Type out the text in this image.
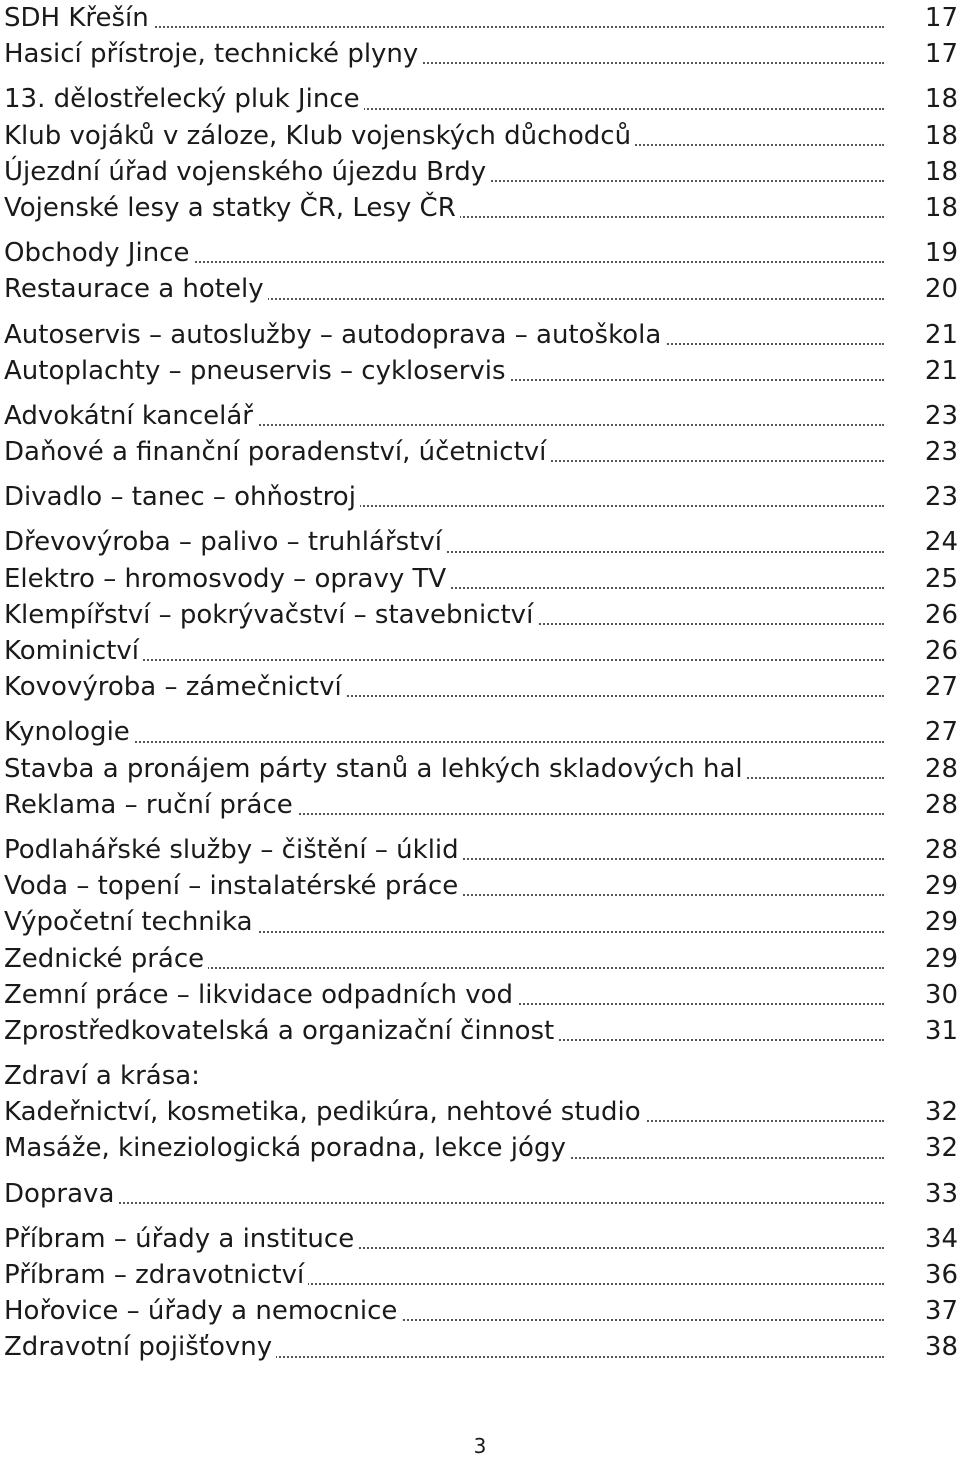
SDH Křešín	17
Hasicí přístroje, technické plyny	17
13. dělostřelecký pluk Jince	18
Klub vojáků v záloze, Klub vojenských důchodců	18
Újezdní úřad vojenského újezdu Brdy	18
Vojenské lesy a statky ČR, Lesy ČR	18
Obchody Jince	19
Restaurace a hotely	20
Autoservis – autoslužby – autodoprava – autoškola	21
Autoplachty – pneuservis – cykloservis	21
Advokátní kancelář	23
Daňové a finanční poradenství, účetnictví	23
Divadlo – tanec – ohňostroj	23
Dřevovýroba – palivo – truhlářství	24
Elektro – hromosvody – opravy TV	25
Klempířství – pokrývačství – stavebnictví	26
Kominictví	26
Kovovýroba – zámečnictví	27
Kynologie	27
Stavba a pronájem párty stanů a lehkých skladových hal	28
Reklama – ruční práce	28
Podlahářské služby – čištění – úklid	28
Voda – topení – instalatérské práce	29
Výpočetní technika	29
Zednické práce	29
Zemní práce – likvidace odpadních vod	30
Zprostředkovatelská a organizační činnost	31
Zdraví a krása:
Kadeřnictví, kosmetika, pedikúra, nehtové studio	32
Masáže, kineziologická poradna, lekce jógy	32
Doprava	33
Příbram – úřady a instituce	34
Příbram – zdravotnictví	36
Hořovice – úřady a nemocnice	37
Zdravotní pojišťovny	38
3
